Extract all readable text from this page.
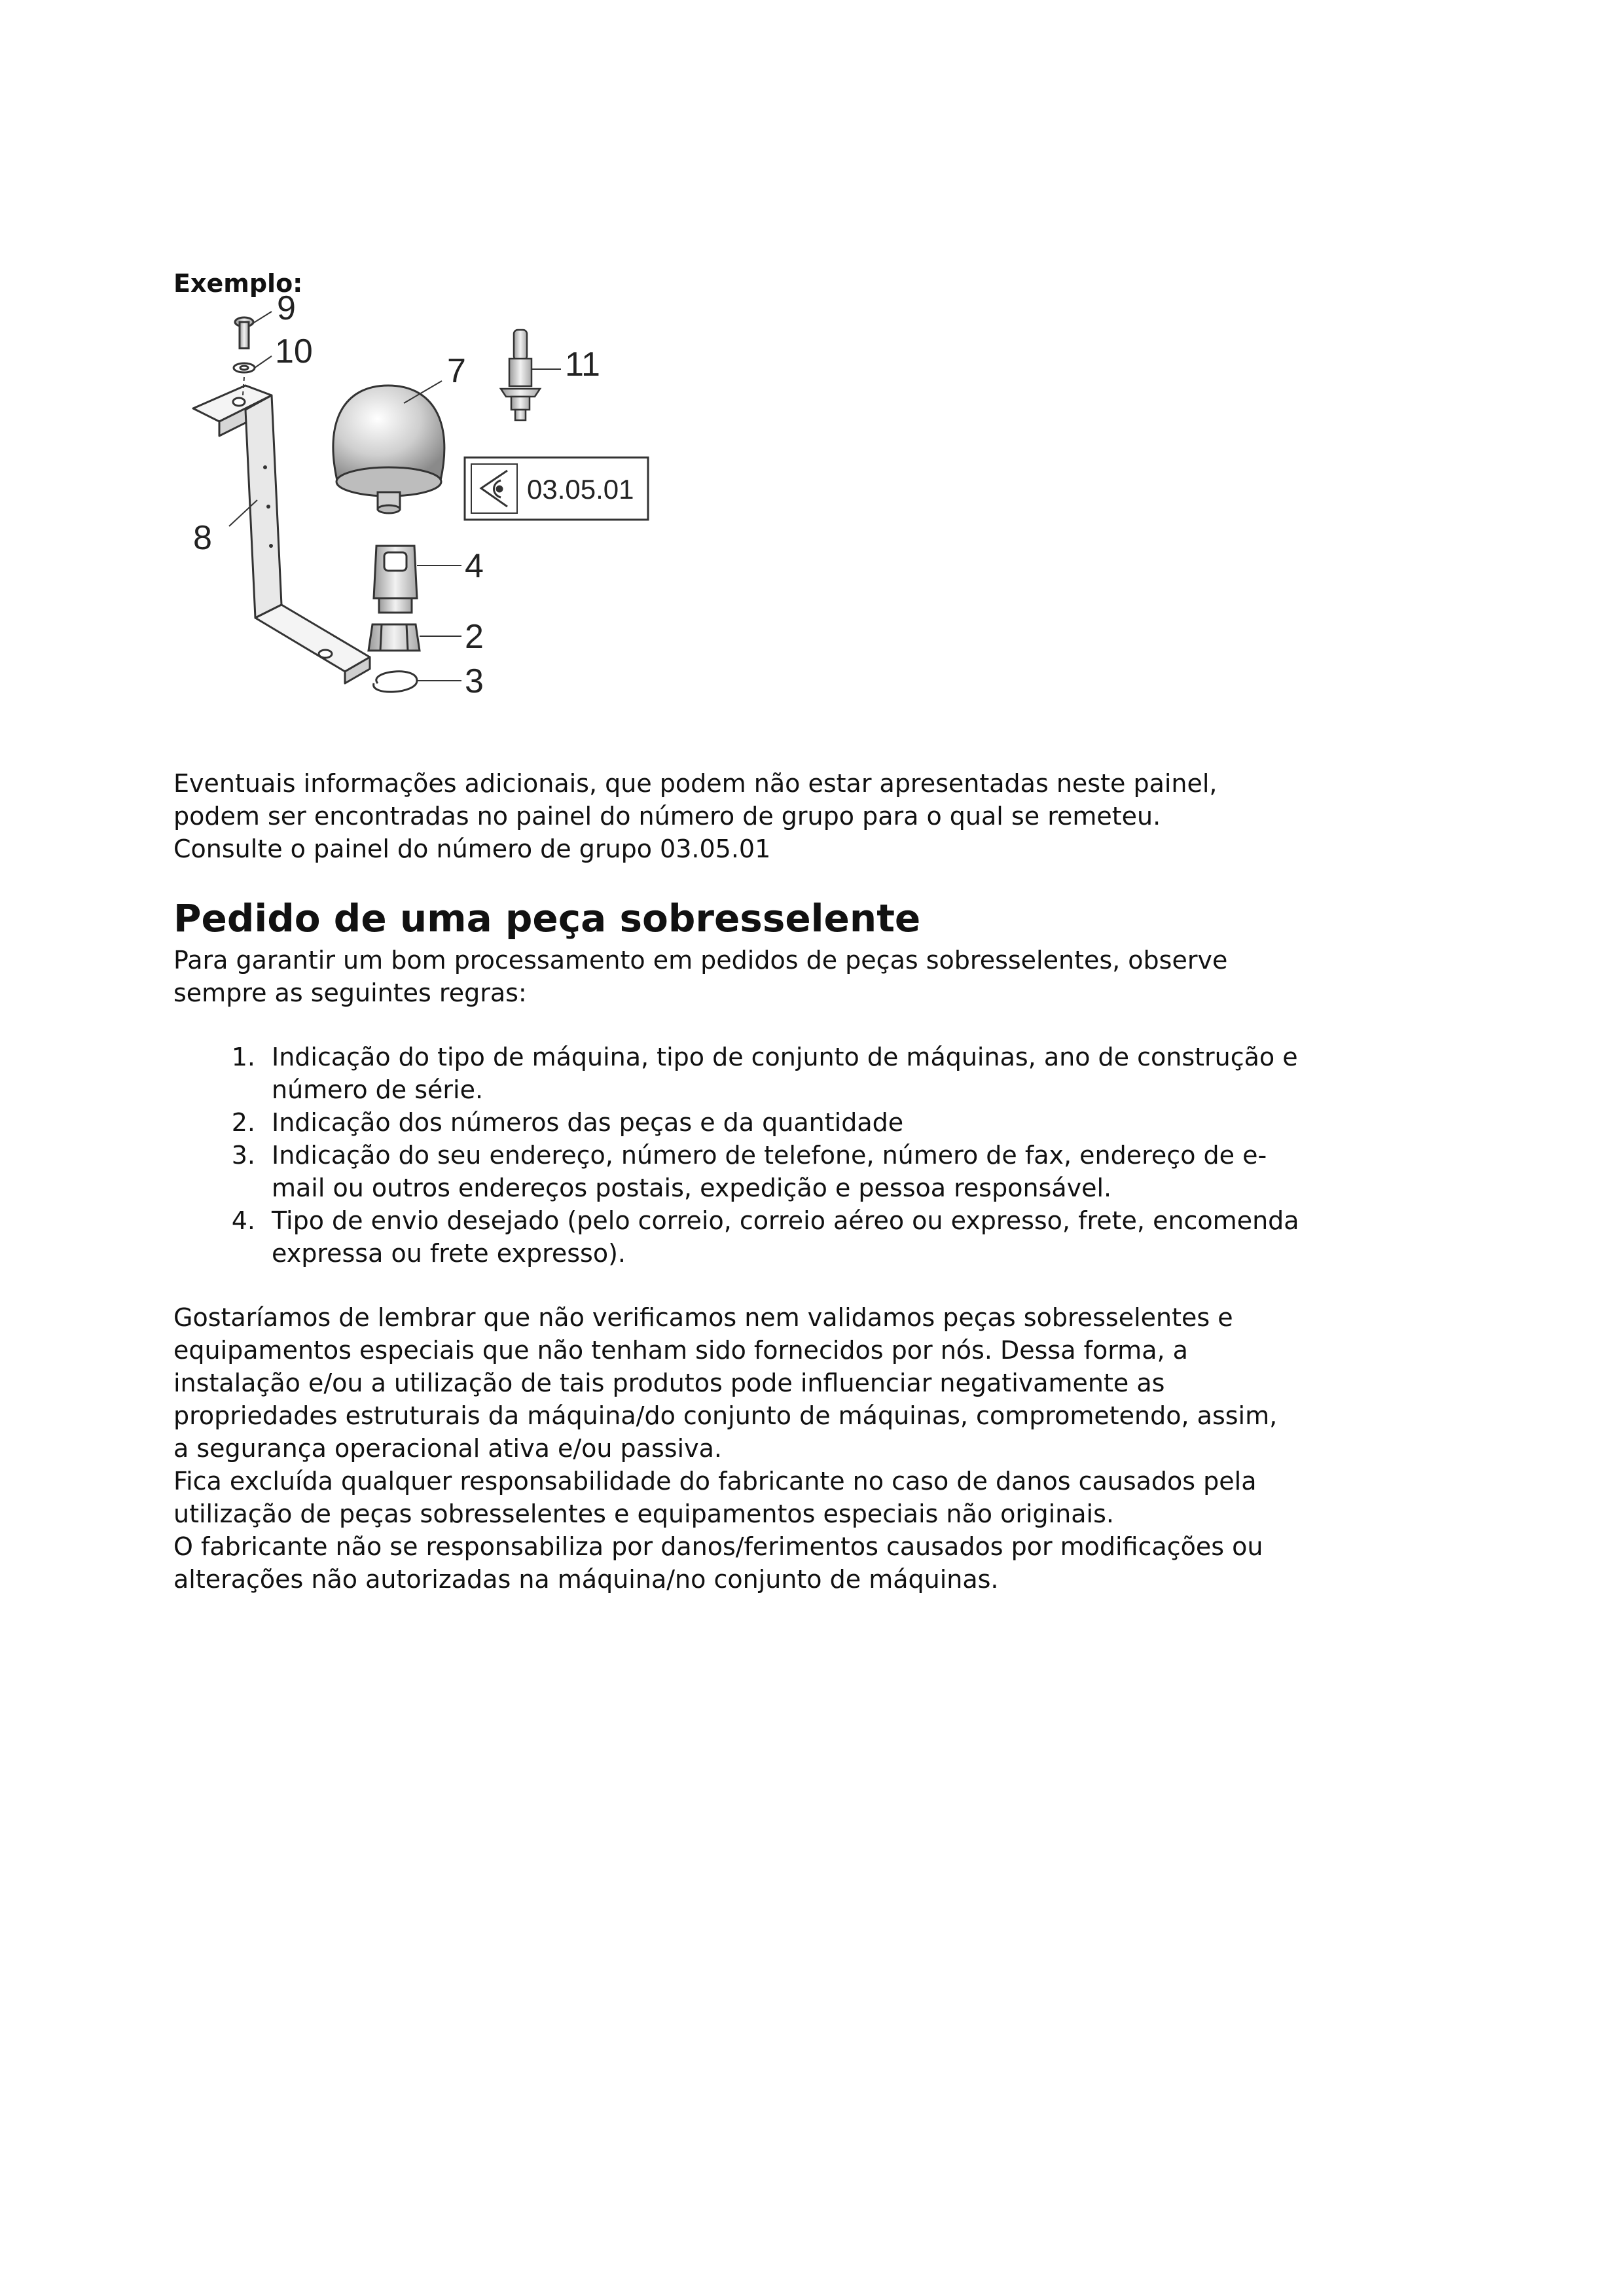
Exemplo:

9
10
7	11
8
4
2
3
03.05.01

Eventuais informações adicionais, que podem não estar apresentadas neste painel,

podem ser encontradas no painel do número de grupo para o qual se remeteu.

Consulte o painel do número de grupo 03.05.01

Pedido de uma peça sobresselente

Para garantir um bom processamento em pedidos de peças sobresselentes, observe

sempre as seguintes regras:

1. Indicação do tipo de máquina, tipo de conjunto de máquinas, ano de construção e
número de série.
2. Indicação dos números das peças e da quantidade
3. Indicação do seu endereço, número de telefone, número de fax, endereço de e-
mail ou outros endereços postais, expedição e pessoa responsável.
4. Tipo de envio desejado (pelo correio, correio aéreo ou expresso, frete, encomenda
expressa ou frete expresso).

Gostaríamos de lembrar que não verificamos nem validamos peças sobresselentes e

equipamentos especiais que não tenham sido fornecidos por nós. Dessa forma, a

instalação e/ou a utilização de tais produtos pode influenciar negativamente as

propriedades estruturais da máquina/do conjunto de máquinas, comprometendo, assim,

a segurança operacional ativa e/ou passiva.

Fica excluída qualquer responsabilidade do fabricante no caso de danos causados pela

utilização de peças sobresselentes e equipamentos especiais não originais.

O fabricante não se responsabiliza por danos/ferimentos causados por modificações ou

alterações não autorizadas na máquina/no conjunto de máquinas.
